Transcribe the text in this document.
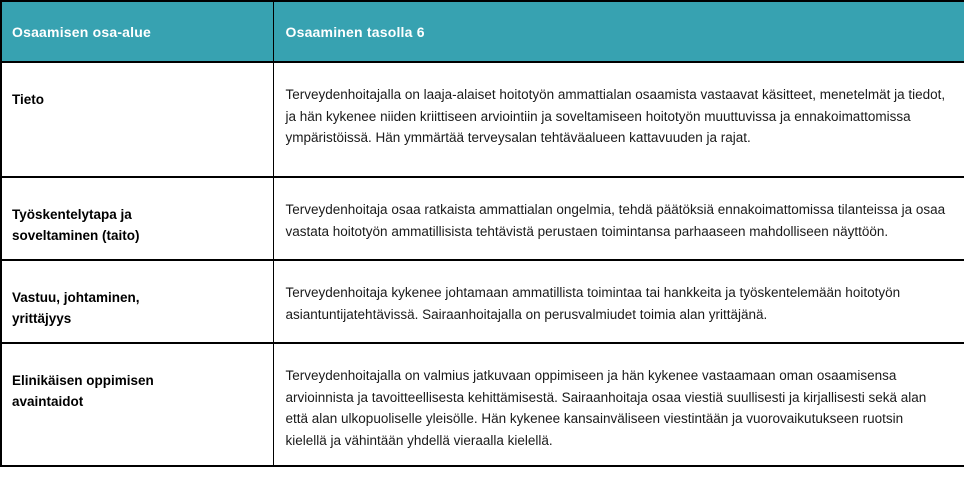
Osaamisen osa-alue	Osaaminen tasolla 6
Tieto	Terveydenhoitajalla on laaja-alaiset hoitotyön ammattialan osaamista vastaavat käsitteet, menetelmät ja tiedot, ja hän kykenee niiden kriittiseen arviointiin ja soveltamiseen hoitotyön muuttuvissa ja ennakoimattomissa ympäristöissä. Hän ymmärtää terveysalan tehtäväalueen kattavuuden ja rajat.
Työskentelytapa ja soveltaminen (taito)	Terveydenhoitaja osaa ratkaista ammattialan ongelmia, tehdä päätöksiä ennakoimattomissa tilanteissa ja osaa vastata hoitotyön ammatillisista tehtävistä perustaen toimintansa parhaaseen mahdolliseen näyttöön.
Vastuu, johtaminen, yrittäjyys	Terveydenhoitaja kykenee johtamaan ammatillista toimintaa tai hankkeita ja työskentelemään hoitotyön asiantuntijatehtävissä. Sairaanhoitajalla on perusvalmiudet toimia alan yrittäjänä.
Elinikäisen oppimisen avaintaidot	Terveydenhoitajalla on valmius jatkuvaan oppimiseen ja hän kykenee vastaamaan oman osaamisensa arvioinnista ja tavoitteellisesta kehittämisestä. Sairaanhoitaja osaa viestiä suullisesti ja kirjallisesti sekä alan että alan ulkopuoliselle yleisölle. Hän kykenee kansainväliseen viestintään ja vuorovaikutukseen ruotsin kielellä ja vähintään yhdellä vieraalla kielellä.
